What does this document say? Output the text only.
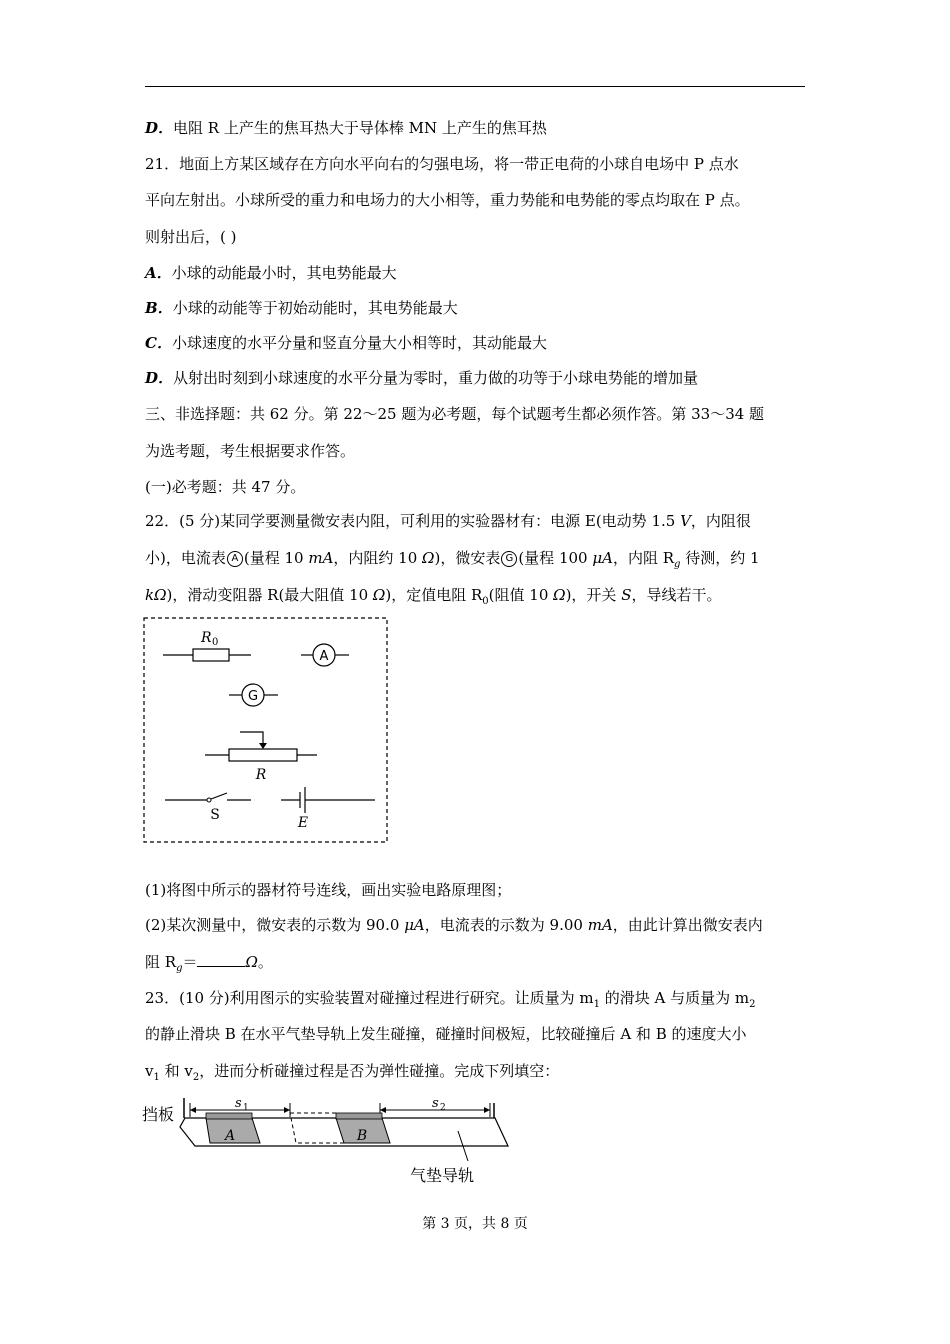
D．电阻 R 上产生的焦耳热大于导体棒 MN 上产生的焦耳热
21．地面上方某区域存在方向水平向右的匀强电场，将一带正电荷的小球自电场中 P 点水
平向左射出。小球所受的重力和电场力的大小相等，重力势能和电势能的零点均取在 P 点。
则射出后，( )
A．小球的动能最小时，其电势能最大
B．小球的动能等于初始动能时，其电势能最大
C．小球速度的水平分量和竖直分量大小相等时，其动能最大
D．从射出时刻到小球速度的水平分量为零时，重力做的功等于小球电势能的增加量
三、非选择题：共 62 分。第 22～25 题为必考题，每个试题考生都必须作答。第 33～34 题
为选考题，考生根据要求作答。
(一)必考题：共 47 分。
22．(5 分)某同学要测量微安表内阻，可利用的实验器材有：电源 E(电动势 1.5 V，内阻很
小)，电流表 A (量程 10 mA，内阻约 10 Ω)，微安表 G (量程 100 μA，内阻 $R_g$ 待测，约 1
kΩ)，滑动变阻器 R(最大阻值 10 Ω)，定值电阻 $R_0$(阻值 10 Ω)，开关 S，导线若干。
R 0
A
G
R
S	E
(1)将图中所示的器材符号连线，画出实验电路原理图；
(2)某次测量中，微安表的示数为 90.0 μA，电流表的示数为 9.00 mA，由此计算出微安表内
阻 $R_g=$	Ω。
23．(10 分)利用图示的实验装置对碰撞过程进行研究。让质量为 $m_1$ 的滑块 A 与质量为 $m_2$
的静止滑块 B 在水平气垫导轨上发生碰撞，碰撞时间极短，比较碰撞后 A 和 B 的速度大小
$v_1$ 和 $v_2$，进而分析碰撞过程是否为弹性碰撞。完成下列填空：
挡板
s 1	s 2
A	B
气垫导轨
第 3 页，共 8 页
